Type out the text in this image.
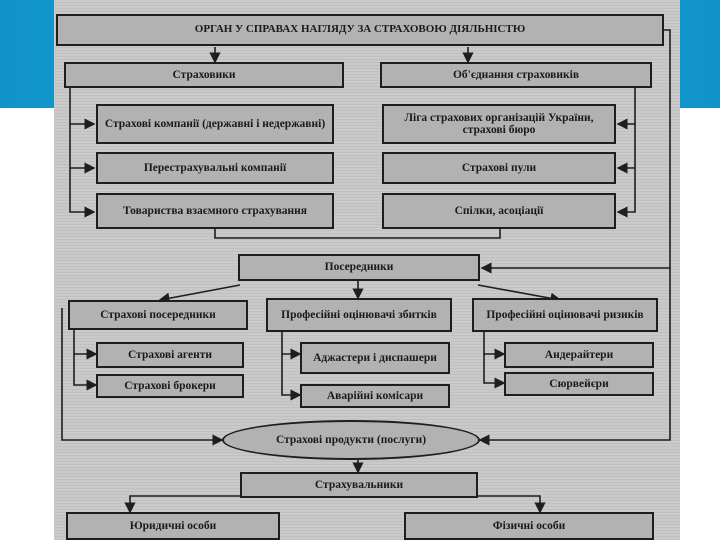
ОРГАН У СПРАВАХ НАГЛЯДУ ЗА СТРАХОВОЮ ДІЯЛЬНІСТЮ
Страховики	Об'єднання страховиків
Страхові компанії (державні і недержавні)
Ліга страхових організацій України, страхові бюро
Перестрахувальні компанії	Страхові пули
Товариства взаємного страхування	Спілки, асоціації
Посередники
Страхові посередники	Професійні оцінювачі збитків	Професійні оцінювачі ризиків
Страхові агенти	Аджастери і диспашери	Андерайтери
Страхові брокери
Аварійні комісари
Сюрвейєри
Страхові продукти (послуги)
Страхувальники
Юридичні особи	Фізичні особи
